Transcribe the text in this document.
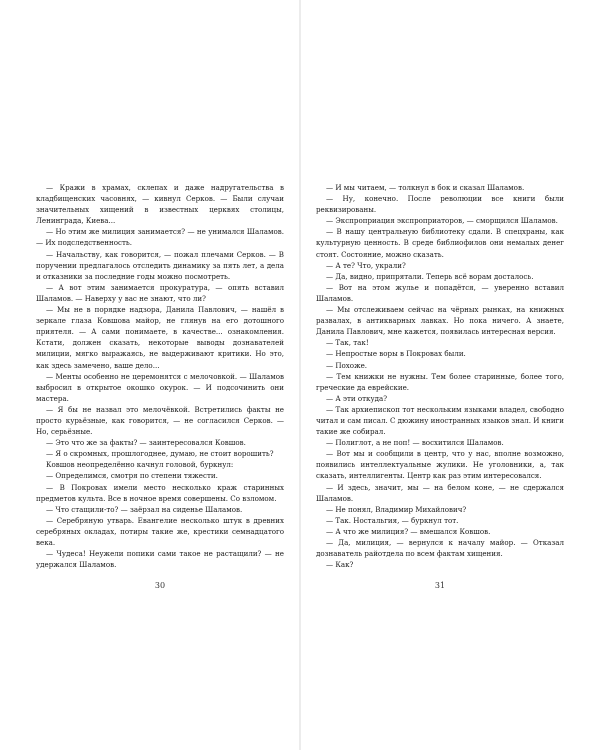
— Кражи в храмах, склепах и даже надругательства в кладбищенских часовнях, — кивнул Серков. — Были случаи значительных хищений в известных церквях столицы, Ленинграда, Киева...

— Но этим же милиция занимается? — не унимался Шаламов. — Их подследственность.

— Начальству, как говорится, — пожал плечами Серков. — В поручении предлагалось отследить динамику за пять лет, а дела и отказники за последние годы можно посмотреть.

— А вот этим занимается прокуратура, — опять вставил Шаламов. — Наверху у вас не знают, что ли?

— Мы не в порядке надзора, Данила Павлович, — нашёл в зеркале глаза Ковшова майор, не глянув на его дотошного приятеля. — А сами понимаете, в качестве... ознакомления. Кстати, должен сказать, некоторые выводы дознавателей милиции, мягко выражаясь, не выдерживают критики. Но это, как здесь замечено, ваше дело...

— Менты особенно не церемонятся с мелочовкой. — Шаламов выбросил в открытое окошко окурок. — И подсочинить они мастера.

— Я бы не назвал это мелочёвкой. Встретились факты не просто курьёзные, как говорится, — не согласился Серков. — Но, серьёзные.

— Это что же за факты? — заинтересовался Ковшов.

— Я о скромных, прошлогоднее, думаю, не стоит ворошить?

Ковшов неопределённо качнул головой, буркнул:

— Определимся, смотря по степени тяжести.

— В Покровах имели место несколько краж старинных предметов культа. Все в ночное время совершены. Со взломом.

— Что стащили-то? — заёрзал на сиденье Шаламов.

— Серебряную утварь. Евангелие несколько штук в древних серебряных окладах, потиры такие же, крестики семнадцатого века.

— Чудеса! Неужели попики сами такое не растащили? — не удержался Шаламов.

30

— И мы читаем, — толкнул в бок и сказал Шаламов.

— Ну, конечно. После революции все книги были реквизированы.

— Экспроприация экспроприаторов, — сморщился Шаламов.

— В нашу центральную библиотеку сдали. В спецхраны, как культурную ценность. В среде библиофилов они немалых денег стоят. Состояние, можно сказать.

— А те? Что, украли?

— Да, видно, припрятали. Теперь всё ворам досталось.

— Вот на этом жулье и попадётся, — уверенно вставил Шаламов.

— Мы отслеживаем сейчас на чёрных рынках, на книжных развалах, в антикварных лавках. Но пока ничего. А знаете, Данила Павлович, мне кажется, появилась интересная версия.

— Так, так!

— Непростые воры в Покровах были.

— Похоже.

— Тем книжки не нужны. Тем более старинные, более того, греческие да еврейские.

— А эти откуда?

— Так архиепископ тот нескольким языками владел, свободно читал и сам писал. С дюжину иностранных языков знал. И книги такие же собирал.

— Полиглот, а не поп! — восхитился Шаламов.

— Вот мы и сообщили в центр, что у нас, вполне возможно, появились интеллектуальные жулики. Не уголовники, а, так сказать, интеллигенты. Центр как раз этим интересовался.

— И здесь, значит, мы — на белом коне, — не сдержался Шаламов.

— Не понял, Владимир Михайлович?

— Так. Ностальгия, — буркнул тот.

— А что же милиция? — вмешался Ковшов.

— Да, милиция, — вернулся к началу майор. — Отказал дознаватель райотдела по всем фактам хищения.

— Как?

31
